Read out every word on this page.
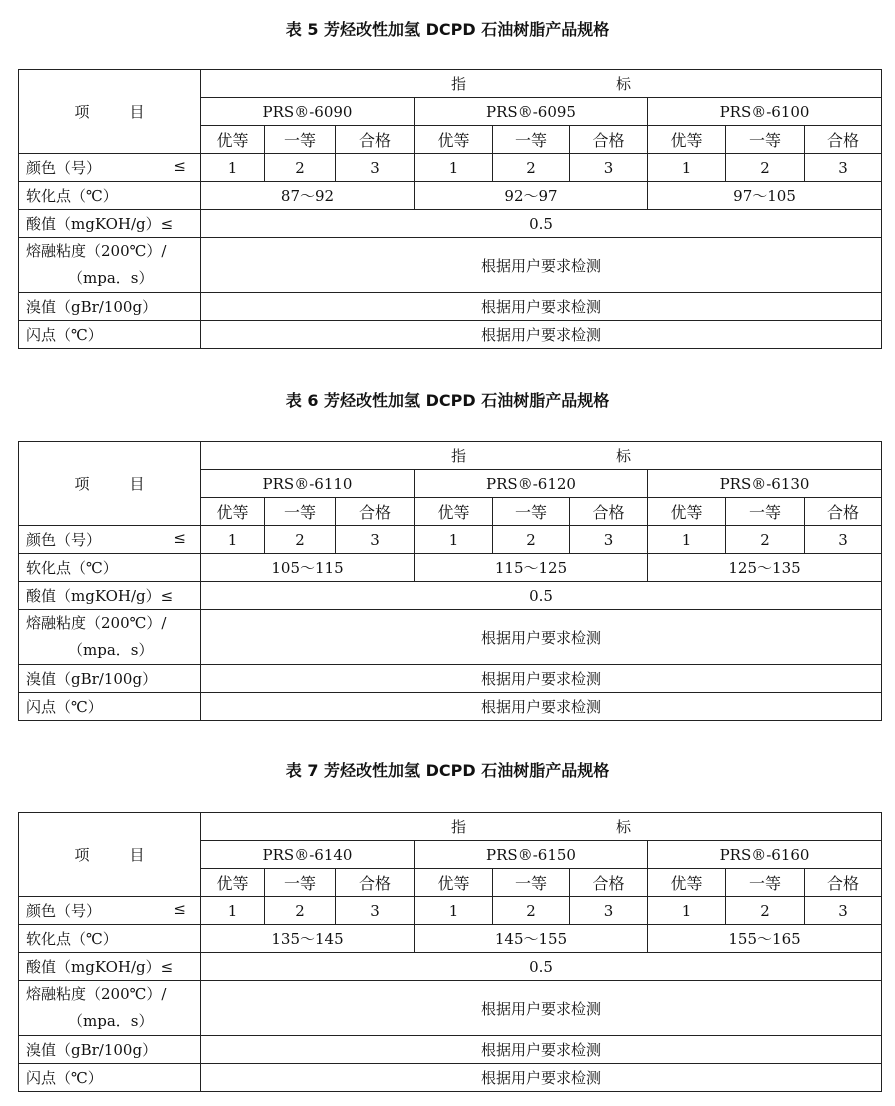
表 5 芳烃改性加氢 DCPD 石油树脂产品规格
项 目	指 标								
	PRS®-6090			PRS®-6095			PRS®-6100		
	优等	一等	合格	优等	一等	合格	优等	一等	合格
颜色（号） ≤	1	2	3	1	2	3	1	2	3
软化点（℃）	87～92			92～97			97～105		
酸值（mgKOH/g）≤	0.5								

熔融粘度（200℃）/
（mpa．s）	根据用户要求检测								
溴值（gBr/100g）	根据用户要求检测								
闪点（℃）	根据用户要求检测								
表 6 芳烃改性加氢 DCPD 石油树脂产品规格
项 目	指 标								
	PRS®-6110			PRS®-6120			PRS®-6130		
	优等	一等	合格	优等	一等	合格	优等	一等	合格
颜色（号） ≤	1	2	3	1	2	3	1	2	3
软化点（℃）	105～115			115～125			125～135		
酸值（mgKOH/g）≤	0.5								

熔融粘度（200℃）/
（mpa．s）	根据用户要求检测								
溴值（gBr/100g）	根据用户要求检测								
闪点（℃）	根据用户要求检测								
表 7 芳烃改性加氢 DCPD 石油树脂产品规格
项 目	指 标								
	PRS®-6140			PRS®-6150			PRS®-6160		
	优等	一等	合格	优等	一等	合格	优等	一等	合格
颜色（号） ≤	1	2	3	1	2	3	1	2	3
软化点（℃）	135～145			145～155			155～165		
酸值（mgKOH/g）≤	0.5								

熔融粘度（200℃）/
（mpa．s）	根据用户要求检测								
溴值（gBr/100g）	根据用户要求检测								
闪点（℃）	根据用户要求检测								
